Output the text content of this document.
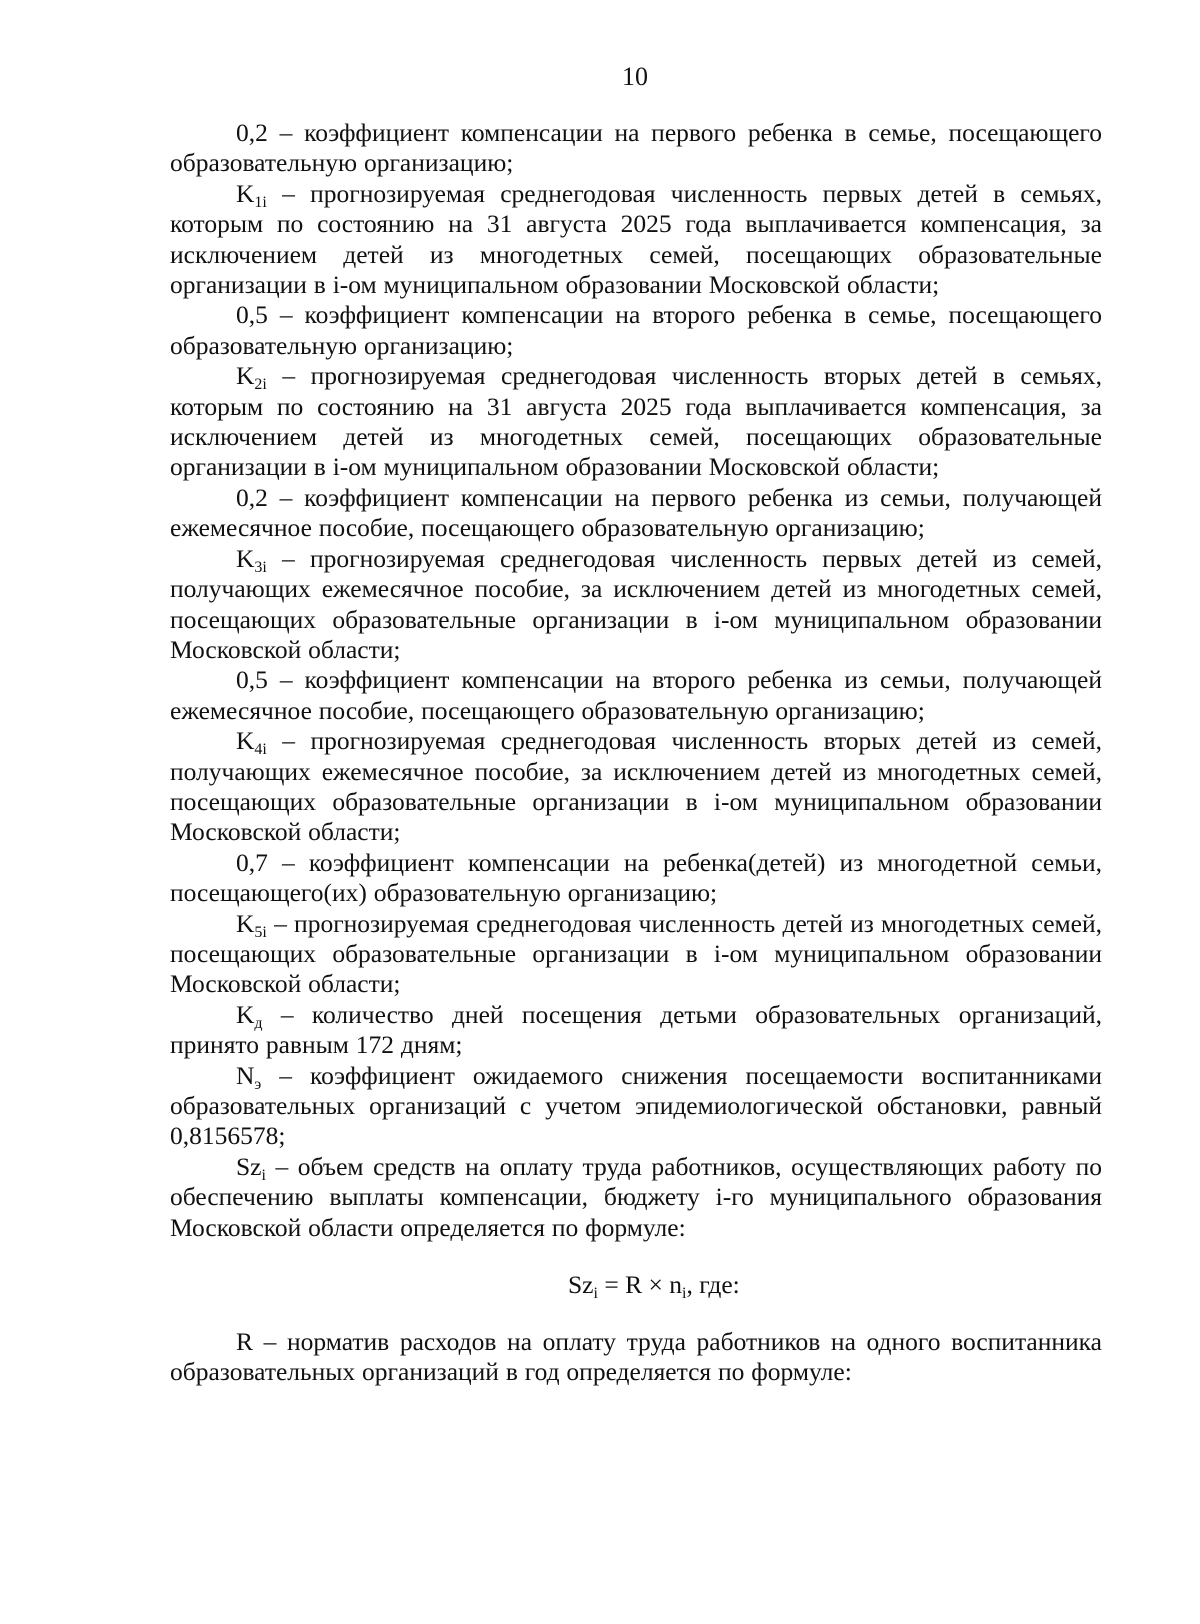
10

0,2 – коэффициент компенсации на первого ребенка в семье, посещающего образовательную организацию;

$K_{1i}$ – прогнозируемая среднегодовая численность первых детей в семьях, которым по состоянию на 31 августа 2025 года выплачивается компенсация, за исключением детей из многодетных семей, посещающих образовательные организации в i-ом муниципальном образовании Московской области;

0,5 – коэффициент компенсации на второго ребенка в семье, посещающего образовательную организацию;

$K_{2i}$ – прогнозируемая среднегодовая численность вторых детей в семьях, которым по состоянию на 31 августа 2025 года выплачивается компенсация, за исключением детей из многодетных семей, посещающих образовательные организации в i-ом муниципальном образовании Московской области;

0,2 – коэффициент компенсации на первого ребенка из семьи, получающей ежемесячное пособие, посещающего образовательную организацию;

$K_{3i}$ – прогнозируемая среднегодовая численность первых детей из семей, получающих ежемесячное пособие, за исключением детей из многодетных семей, посещающих образовательные организации в i-ом муниципальном образовании Московской области;

0,5 – коэффициент компенсации на второго ребенка из семьи, получающей ежемесячное пособие, посещающего образовательную организацию;

$K_{4i}$ – прогнозируемая среднегодовая численность вторых детей из семей, получающих ежемесячное пособие, за исключением детей из многодетных семей, посещающих образовательные организации в i-ом муниципальном образовании Московской области;

0,7 – коэффициент компенсации на ребенка(детей) из многодетной семьи, посещающего(их) образовательную организацию;

$K_{5i}$ – прогнозируемая среднегодовая численность детей из многодетных семей, посещающих образовательные организации в i-ом муниципальном образовании Московской области;

$K_д$ – количество дней посещения детьми образовательных организаций, принято равным 172 дням;

$N_э$ – коэффициент ожидаемого снижения посещаемости воспитанниками образовательных организаций с учетом эпидемиологической обстановки, равный 0,8156578;

$Sz_i$ – объем средств на оплату труда работников, осуществляющих работу по обеспечению выплаты компенсации, бюджету i-го муниципального образования Московской области определяется по формуле:

$Sz_i = R \times n_i$, где:

R – норматив расходов на оплату труда работников на одного воспитанника образовательных организаций в год определяется по формуле:
